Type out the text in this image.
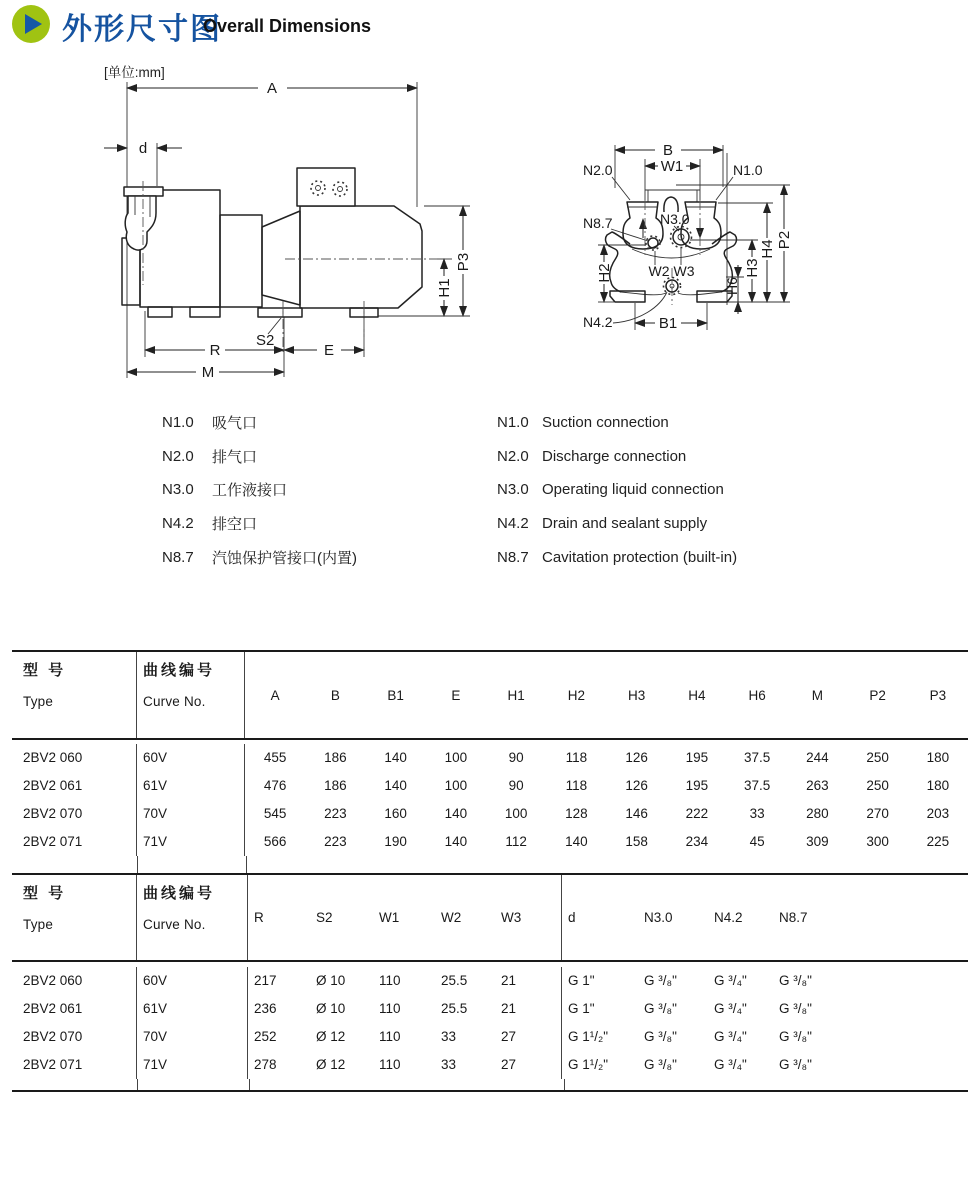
外形尺寸图
Overall Dimensions
[单位:mm]
A
d
P3
H1
S2
R	E
M
B
W1
N2.0	N1.0
N8.7	N3.0
N4.2
W2 W3
H2	H3
H4 P2
H6
B1
N1.0	吸气口
N2.0	排气口
N3.0	工作液接口
N4.2	排空口
N8.7	汽蚀保护管接口(内置)
N1.0 Suction connection
N2.0 Discharge connection
N3.0 Operating liquid connection
N4.2 Drain and sealant supply
N8.7 Cavitation protection (built-in)
型 号
Type
曲线编号
Curve No.	A	B	B1	E	H1	H2	H3	H4	H6	M	P2	P3
2BV2 060	60V	455	186	140	100	90	118	126	195	37.5	244	250	180
2BV2 061	61V	476	186	140	100	90	118	126	195	37.5	263	250	180
2BV2 070	70V	545	223	160	140	100	128	146	222	33	280	270	203
2BV2 071	71V	566	223	190	140	112	140	158	234	45	309	300	225
型 号
Type
曲线编号
Curve No.	R	S2	W1	W2	W3	d	N3.0	N4.2	N8.7
2BV2 060	60V	217	Ø 10	110	25.5	21	G 1"	G ³/₈"	G ³/₄"	G ³/₈"
2BV2 061	61V	236	Ø 10	110	25.5	21	G 1"	G ³/₈"	G ³/₄"	G ³/₈"
2BV2 070	70V	252	Ø 12	110	33	27	G 1¹/₂"	G ³/₈"	G ³/₄"	G ³/₈"
2BV2 071	71V	278	Ø 12	110	33	27	G 1¹/₂"	G ³/₈"	G ³/₄"	G ³/₈"
